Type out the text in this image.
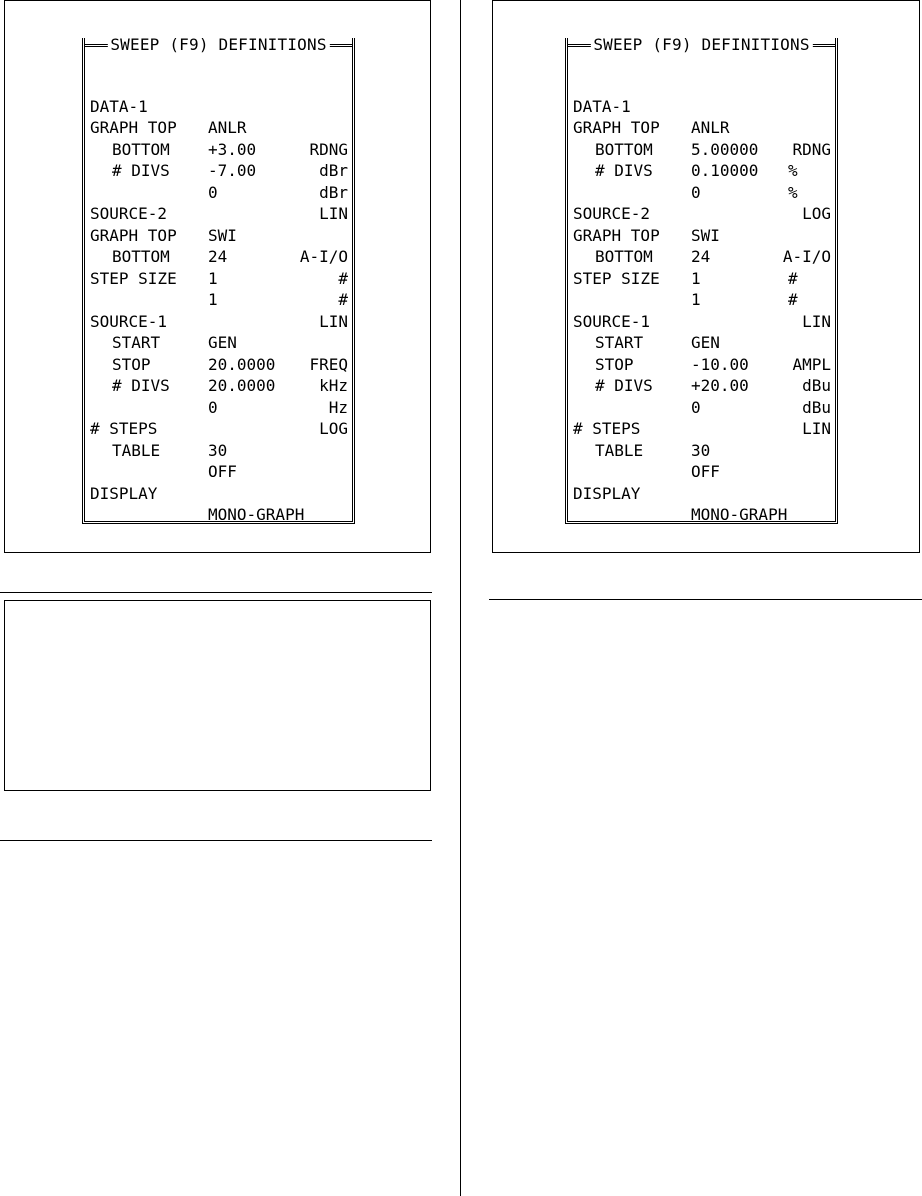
SWEEP (F9) DEFINITIONS

DATA-1

ANLR

RDNG

GRAPH TOP

+3.00

dBr

BOTTOM

-7.00

dBr

# DIVS

0

LIN

SOURCE-2

SWI

A-I/O

GRAPH TOP

24

#

BOTTOM

1

#

STEP SIZE

1

LIN

SOURCE-1

GEN

FREQ

START

20.0000

kHz

STOP

20.0000

Hz

# DIVS

0

LOG

# STEPS

30

TABLE

OFF

DISPLAY

MONO-GRAPH

SWEEP (F9) DEFINITIONS

DATA-1

ANLR

RDNG

GRAPH TOP

5.00000

%

BOTTOM

0.10000

%

# DIVS

0

LOG

SOURCE-2

SWI

A-I/O

GRAPH TOP

24

#

BOTTOM

1

#

STEP SIZE

1

LIN

SOURCE-1

GEN

AMPL

START

-10.00

dBu

STOP

+20.00

dBu

# DIVS

0

LIN

# STEPS

30

TABLE

OFF

DISPLAY

MONO-GRAPH
